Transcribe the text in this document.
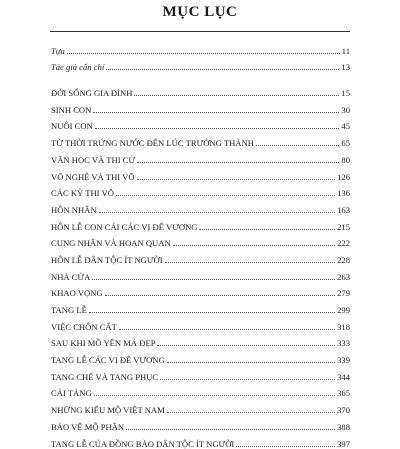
MỤC LỤC
Tựa	11
Tác giả cẩn chí	13
ĐỜI SỐNG GIA ĐÌNH	15
SINH CON	30
NUÔI CON	45
TỪ THỜI TRỨNG NƯỚC ĐẾN LÚC TRƯỞNG THÀNH	65
VĂN HỌC VÀ THI CỬ	80
VÕ NGHỆ VÀ THI VÕ	126
CÁC KỲ THI VÕ	136
HÔN NHÂN	163
HÔN LỄ CON CÁI CÁC VỊ ĐẾ VƯƠNG	215
CUNG NHÂN VÀ HOẠN QUAN	222
HÔN LỄ DÂN TỘC ÍT NGƯỜI	228
NHÀ CỬA	263
KHAO VỌNG	279
TANG LỄ	299
VIỆC CHÔN CẤT	318
SAU KHI MỒ YÊN MẢ ĐẸP	333
TANG LỄ CÁC VỊ ĐẾ VƯƠNG	339
TANG CHẾ VÀ TANG PHỤC	344
CẢI TÁNG	365
NHỮNG KIỂU MỘ VIỆT NAM	370
BẢO VỆ MỘ PHẦN	388
TANG LỄ CỦA ĐỒNG BÀO DÂN TỘC ÍT NGƯỜI	397
